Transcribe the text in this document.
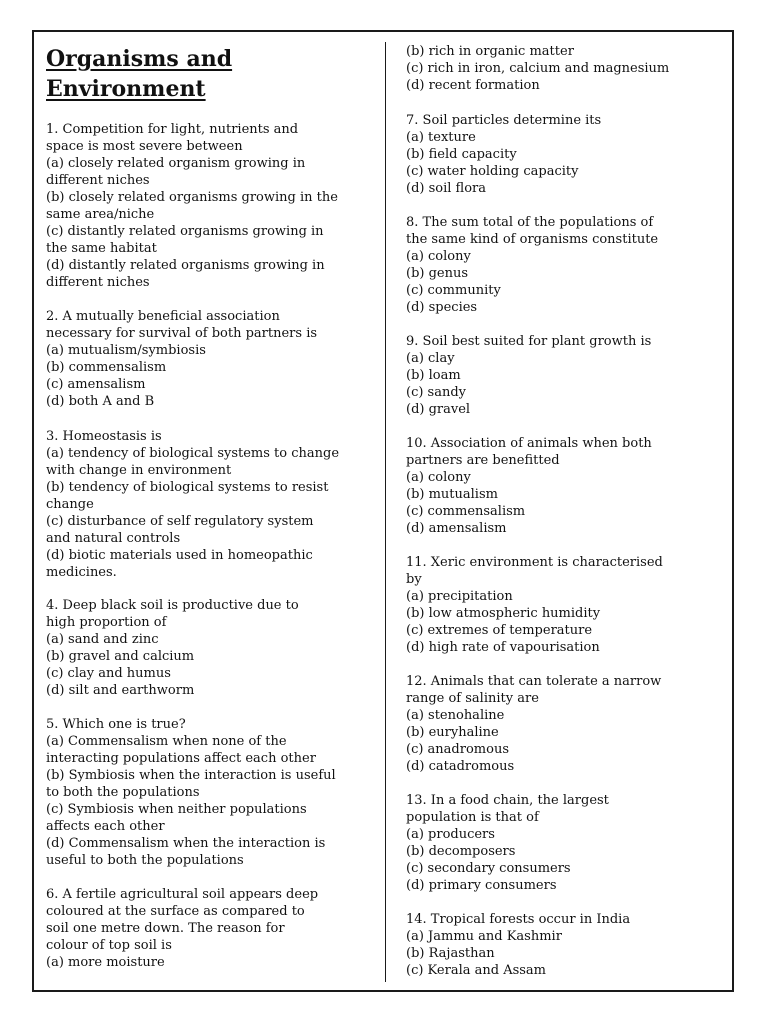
Organisms and
Environment
1. Competition for light, nutrients and
space is most severe between
(a) closely related organism growing in
different niches
(b) closely related organisms growing in the
same area/niche
(c) distantly related organisms growing in
the same habitat
(d) distantly related organisms growing in
different niches
2. A mutually beneficial association
necessary for survival of both partners is
(a) mutualism/symbiosis
(b) commensalism
(c) amensalism
(d) both A and B
3. Homeostasis is
(a) tendency of biological systems to change
with change in environment
(b) tendency of biological systems to resist
change
(c) disturbance of self regulatory system
and natural controls
(d) biotic materials used in homeopathic
medicines.
4. Deep black soil is productive due to
high proportion of
(a) sand and zinc
(b) gravel and calcium
(c) clay and humus
(d) silt and earthworm
5. Which one is true?
(a) Commensalism when none of the
interacting populations affect each other
(b) Symbiosis when the interaction is useful
to both the populations
(c) Symbiosis when neither populations
affects each other
(d) Commensalism when the interaction is
useful to both the populations
6. A fertile agricultural soil appears deep
coloured at the surface as compared to
soil one metre down. The reason for
colour of top soil is
(a) more moisture
(b) rich in organic matter
(c) rich in iron, calcium and magnesium
(d) recent formation
7. Soil particles determine its
(a) texture
(b) field capacity
(c) water holding capacity
(d) soil flora
8. The sum total of the populations of
the same kind of organisms constitute
(a) colony
(b) genus
(c) community
(d) species
9. Soil best suited for plant growth is
(a) clay
(b) loam
(c) sandy
(d) gravel
10. Association of animals when both
partners are benefitted
(a) colony
(b) mutualism
(c) commensalism
(d) amensalism
11. Xeric environment is characterised
by
(a) precipitation
(b) low atmospheric humidity
(c) extremes of temperature
(d) high rate of vapourisation
12. Animals that can tolerate a narrow
range of salinity are
(a) stenohaline
(b) euryhaline
(c) anadromous
(d) catadromous
13. In a food chain, the largest
population is that of
(a) producers
(b) decomposers
(c) secondary consumers
(d) primary consumers
14. Tropical forests occur in India
(a) Jammu and Kashmir
(b) Rajasthan
(c) Kerala and Assam
